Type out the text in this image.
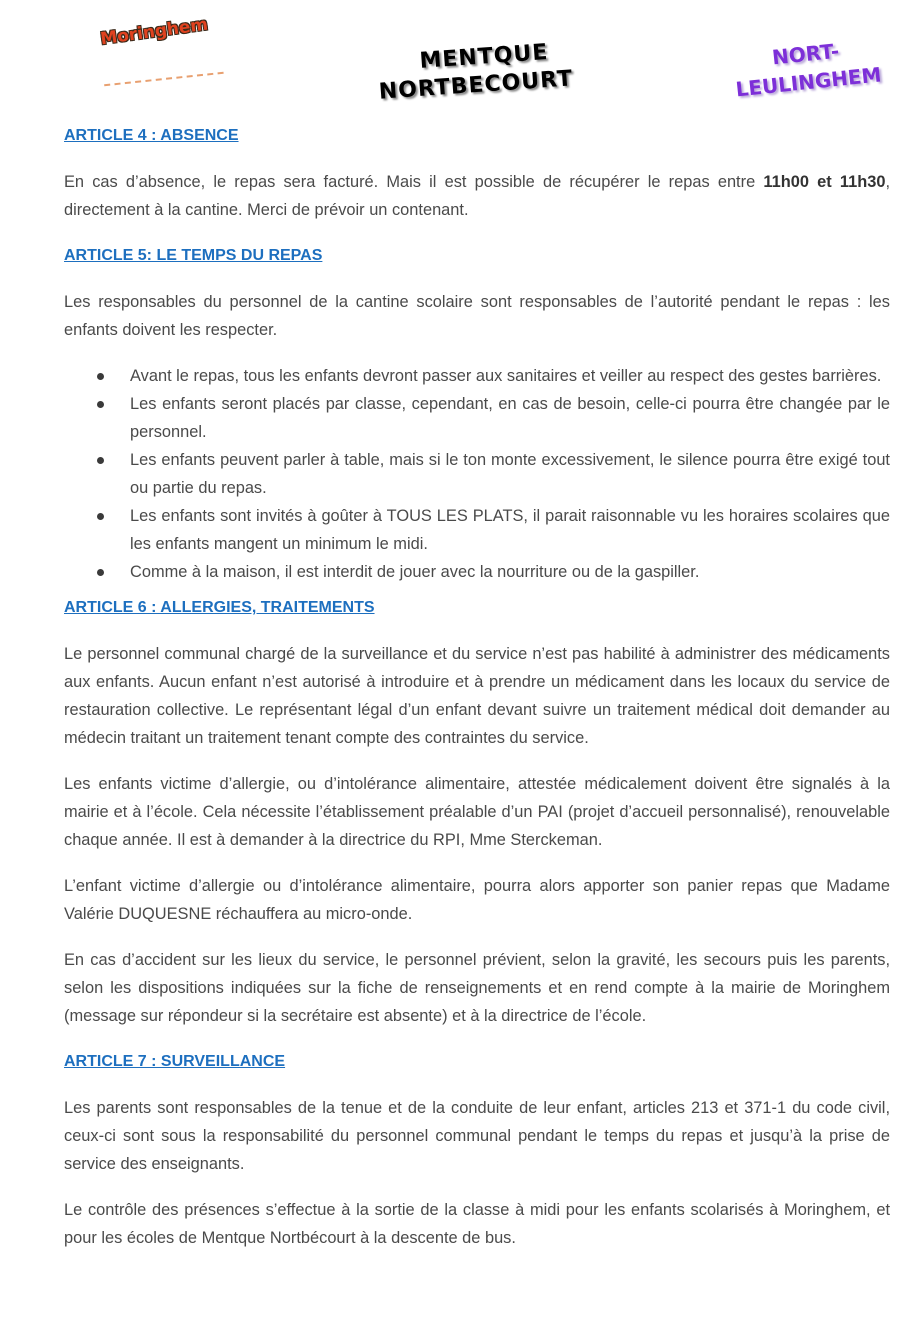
Moringhem
MENTQUE
NORTBECOURT
NORT-
LEULINGHEM
ARTICLE 4 : ABSENCE

En cas d’absence, le repas sera facturé. Mais il est possible de récupérer le repas entre 11h00 et 11h30, directement à la cantine. Merci de prévoir un contenant.

ARTICLE 5: LE TEMPS DU REPAS

Les responsables du personnel de la cantine scolaire sont responsables de l’autorité pendant le repas : les enfants doivent les respecter.

Avant le repas, tous les enfants devront passer aux sanitaires et veiller au respect des gestes barrières.
Les enfants seront placés par classe, cependant, en cas de besoin, celle-ci pourra être changée par le personnel.
Les enfants peuvent parler à table, mais si le ton monte excessivement, le silence pourra être exigé tout ou partie du repas.
Les enfants sont invités à goûter à TOUS LES PLATS, il parait raisonnable vu les horaires scolaires que les enfants mangent un minimum le midi.
Comme à la maison, il est interdit de jouer avec la nourriture ou de la gaspiller.
ARTICLE 6 : ALLERGIES, TRAITEMENTS

Le personnel communal chargé de la surveillance et du service n’est pas habilité à administrer des médicaments aux enfants. Aucun enfant n’est autorisé à introduire et à prendre un médicament dans les locaux du service de restauration collective. Le représentant légal d’un enfant devant suivre un traitement médical doit demander au médecin traitant un traitement tenant compte des contraintes du service.

Les enfants victime d’allergie, ou d’intolérance alimentaire, attestée médicalement doivent être signalés à la mairie et à l’école. Cela nécessite l’établissement préalable d’un PAI (projet d’accueil personnalisé), renouvelable chaque année. Il est à demander à la directrice du RPI, Mme Sterckeman.

L’enfant victime d’allergie ou d’intolérance alimentaire, pourra alors apporter son panier repas que Madame Valérie DUQUESNE réchauffera au micro-onde.

En cas d’accident sur les lieux du service, le personnel prévient, selon la gravité, les secours puis les parents, selon les dispositions indiquées sur la fiche de renseignements et en rend compte à la mairie de Moringhem (message sur répondeur si la secrétaire est absente) et à la directrice de l’école.

ARTICLE 7 : SURVEILLANCE

Les parents sont responsables de la tenue et de la conduite de leur enfant, articles 213 et 371-1 du code civil, ceux-ci sont sous la responsabilité du personnel communal pendant le temps du repas et jusqu’à la prise de service des enseignants.

Le contrôle des présences s’effectue à la sortie de la classe à midi pour les enfants scolarisés à Moringhem, et pour les écoles de Mentque Nortbécourt à la descente de bus.
